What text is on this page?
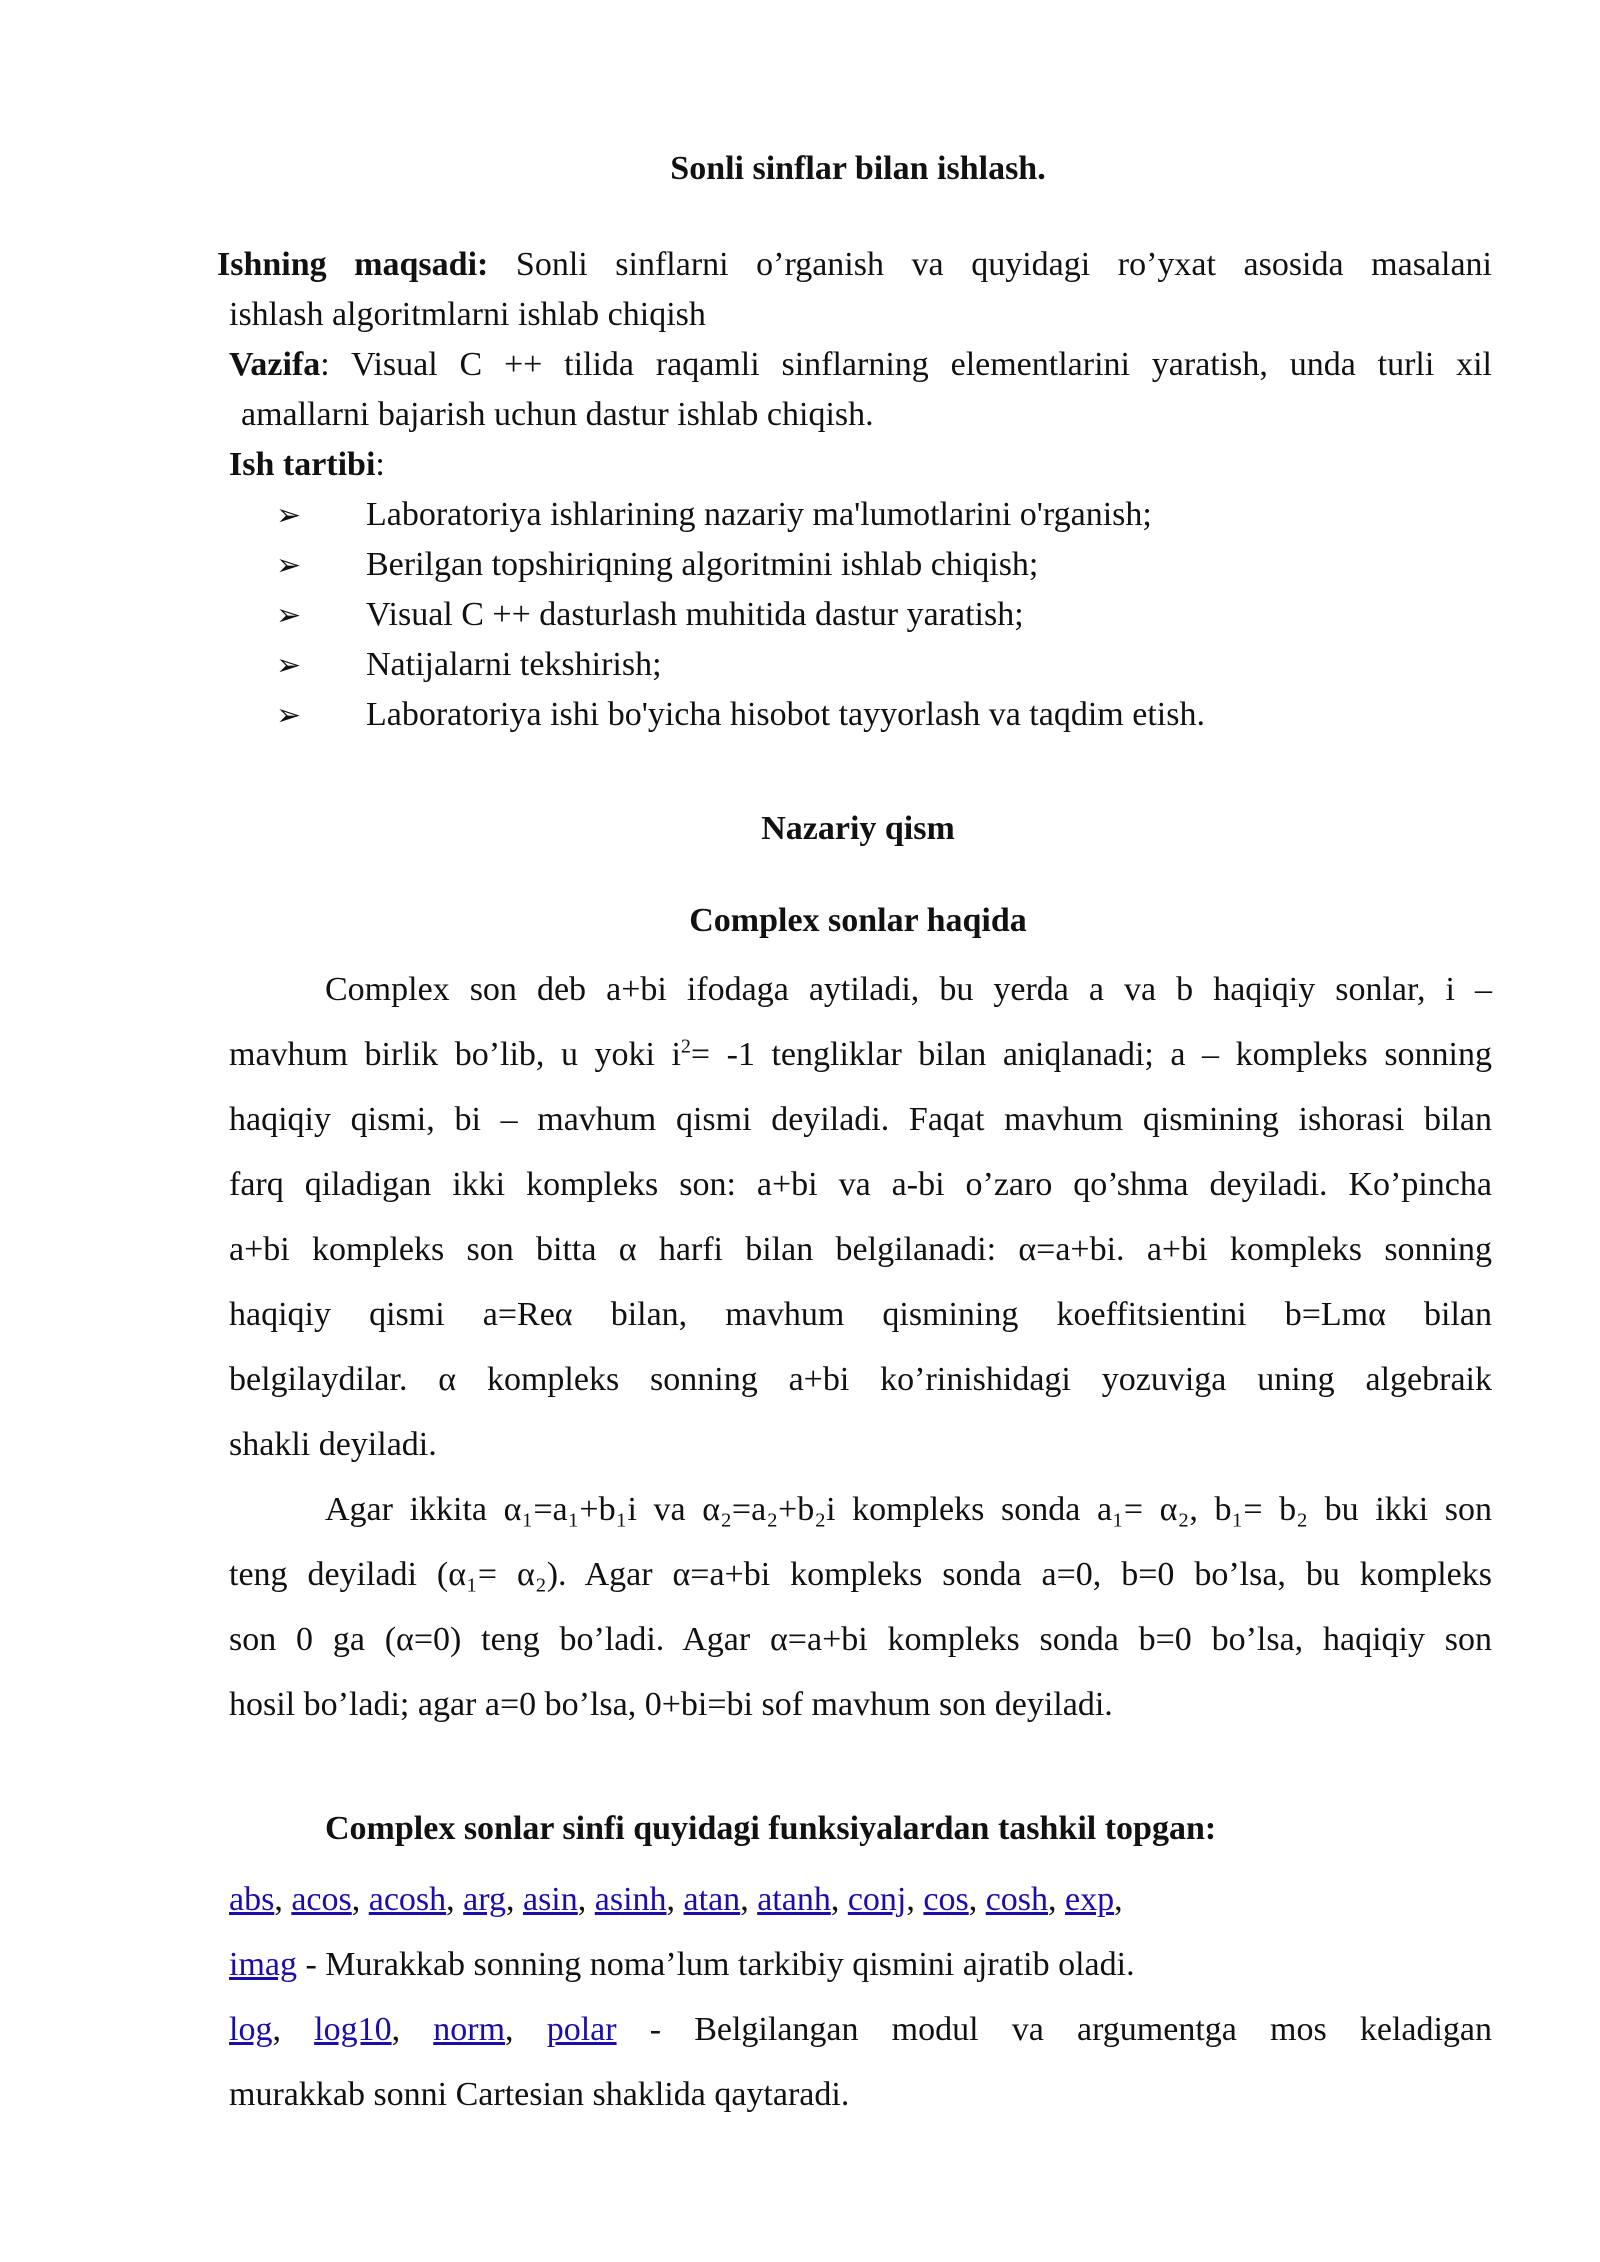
Sonli sinflar bilan ishlash.
Ishning maqsadi: Sonli sinflarni o’rganish va quyidagi ro’yxat asosida masalani
ishlash algoritmlarni ishlab chiqish
Vazifa: Visual C ++ tilida raqamli sinflarning elementlarini yaratish, unda turli xil
amallarni bajarish uchun dastur ishlab chiqish.
Ish tartibi:
➢ Laboratoriya ishlarining nazariy ma'lumotlarini o'rganish;
➢ Berilgan topshiriqning algoritmini ishlab chiqish;
➢ Visual C ++ dasturlash muhitida dastur yaratish;
➢ Natijalarni tekshirish;
➢ Laboratoriya ishi bo'yicha hisobot tayyorlash va taqdim etish.
Nazariy qism
Complex sonlar haqida
Complex son deb a+bi ifodaga aytiladi, bu yerda a va b haqiqiy sonlar, i –
mavhum birlik bo’lib, u yoki $i^2= -1$ tengliklar bilan aniqlanadi; a – kompleks sonning
haqiqiy qismi, bi – mavhum qismi deyiladi. Faqat mavhum qismining ishorasi bilan
farq qiladigan ikki kompleks son: a+bi va a-bi o’zaro qo’shma deyiladi. Ko’pincha
a+bi kompleks son bitta α harfi bilan belgilanadi: α=a+bi. a+bi kompleks sonning
haqiqiy qismi a=Reα bilan, mavhum qismining koeffitsientini b=Lmα bilan
belgilaydilar. α kompleks sonning a+bi ko’rinishidagi yozuviga uning algebraik
shakli deyiladi.
Agar ikkita α₁=a₁+b₁i va α₂=a₂+b₂i kompleks sonda a₁= α₂, b₁= b₂ bu ikki son
teng deyiladi (α₁= α₂). Agar α=a+bi kompleks sonda a=0, b=0 bo’lsa, bu kompleks
son 0 ga (α=0) teng bo’ladi. Agar α=a+bi kompleks sonda b=0 bo’lsa, haqiqiy son
hosil bo’ladi; agar a=0 bo’lsa, 0+bi=bi sof mavhum son deyiladi.
Complex sonlar sinfi quyidagi funksiyalardan tashkil topgan:
abs, acos, acosh, arg, asin, asinh, atan, atanh, conj, cos, cosh, exp,
imag - Murakkab sonning noma’lum tarkibiy qismini ajratib oladi.
log, log10, norm, polar - Belgilangan modul va argumentga mos keladigan
murakkab sonni Cartesian shaklida qaytaradi.
